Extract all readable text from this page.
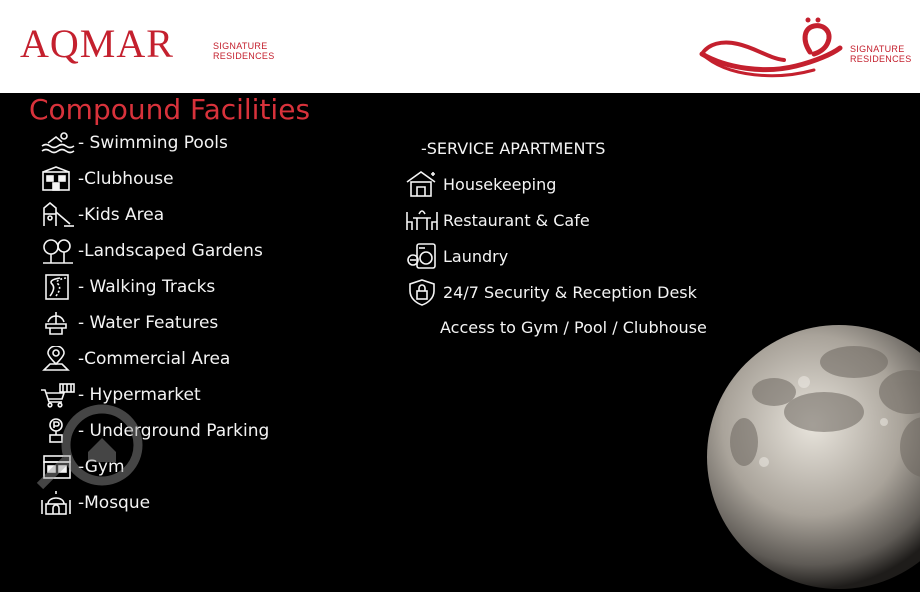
AQMAR	SIGNATURE
RESIDENCES
SIGNATURE
RESIDENCES
Compound Facilities
- Swimming Pools
-Clubhouse
-Kids Area
-Landscaped Gardens
- Walking Tracks
- Water Features
-Commercial Area
- Hypermarket
- Underground Parking
-Gym
-Mosque
-SERVICE APARTMENTS
Housekeeping
Restaurant & Cafe
Laundry
24/7 Security & Reception Desk
Access to Gym / Pool / Clubhouse
